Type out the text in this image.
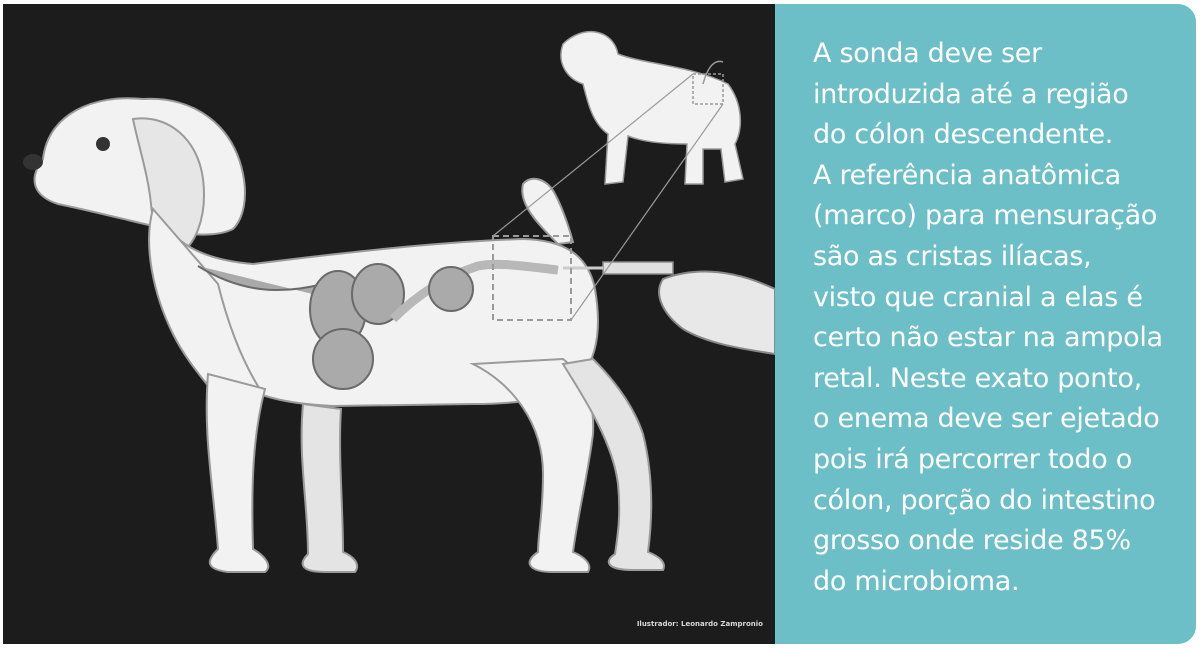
Ilustrador: Leonardo Zampronio

A sonda deve ser
introduzida até a região
do cólon descendente.
A referência anatômica
(marco) para mensuração
são as cristas ilíacas,
visto que cranial a elas é
certo não estar na ampola
retal. Neste exato ponto,
o enema deve ser ejetado
pois irá percorrer todo o
cólon, porção do intestino
grosso onde reside 85%
do microbioma.
